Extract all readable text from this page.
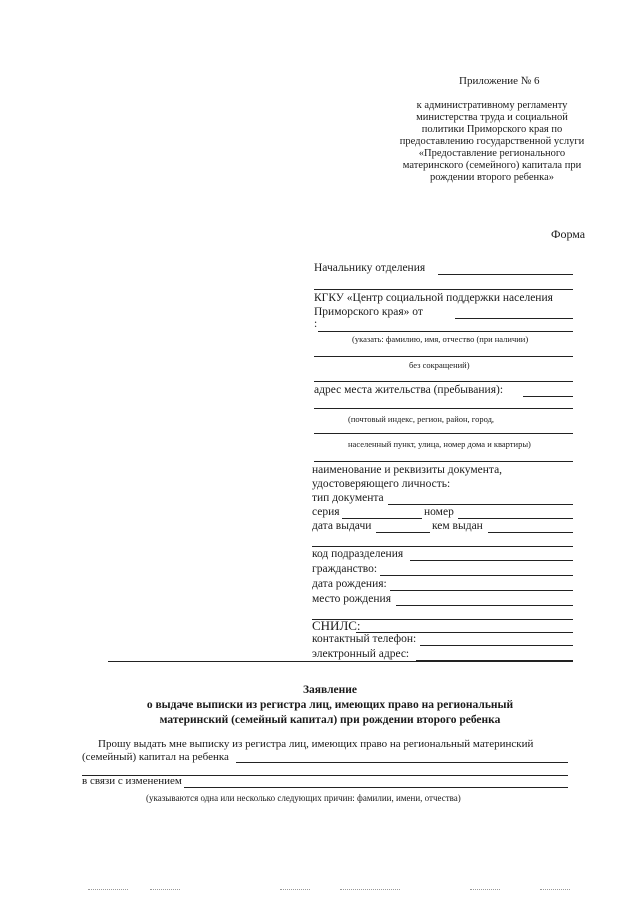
Приложение № 6
к административному регламенту
министерства труда и социальной
политики Приморского края по
предоставлению государственной услуги
«Предоставление регионального
материнского (семейного) капитала при
рождении второго ребенка»
Форма
Начальнику отделения
КГКУ «Центр социальной поддержки населения
Приморского края» от
:
(указать: фамилию, имя, отчество (при наличии)
без сокращений)
адрес места жительства (пребывания):
(почтовый индекс, регион, район, город,
населенный пункт, улица, номер дома и квартиры)
наименование и реквизиты документа,
удостоверяющего личность:
тип документа
серия	номер
дата выдачи	кем выдан
код подразделения
гражданство:
дата рождения:
место рождения
СНИЛС:
контактный телефон:
электронный адрес:
Заявление
о выдаче выписки из регистра лиц, имеющих право на региональный
материнский (семейный капитал) при рождении второго ребенка
Прошу выдать мне выписку из регистра лиц, имеющих право на региональный материнский
(семейный) капитал на ребенка
в связи с изменением
(указываются одна или несколько следующих причин: фамилии, имени, отчества)
